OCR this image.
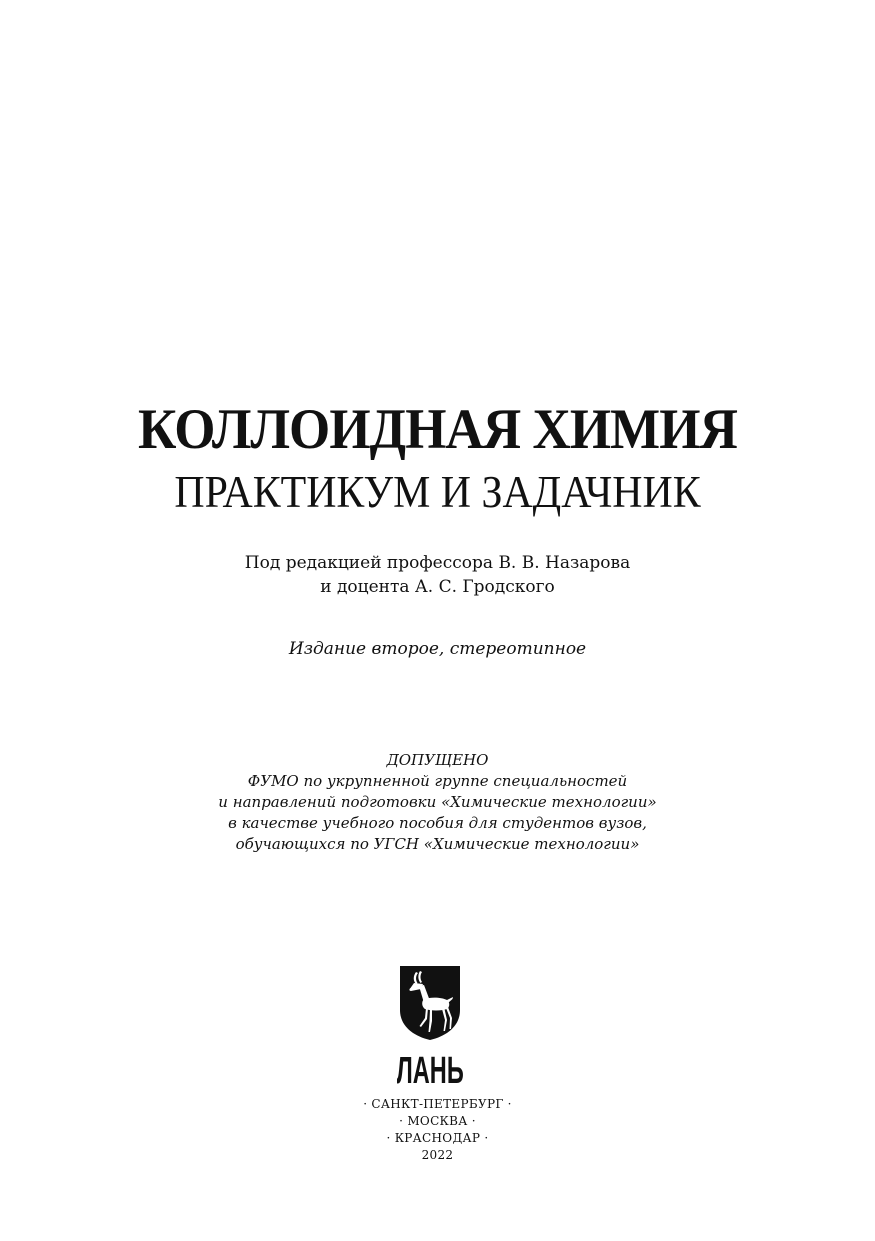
КОЛЛОИДНАЯ ХИМИЯ
ПРАКТИКУМ И ЗАДАЧНИК
Под редакцией профессора В. В. Назарова
и доцента А. С. Гродского
Издание второе, стереотипное
ДОПУЩЕНО
ФУМО по укрупненной группе специальностей
и направлений подготовки «Химические технологии»
в качестве учебного пособия для студентов вузов,
обучающихся по УГСН «Химические технологии»
ЛАНЬ
· САНКТ-ПЕТЕРБУРГ ·
· МОСКВА ·
· КРАСНОДАР ·
2022
